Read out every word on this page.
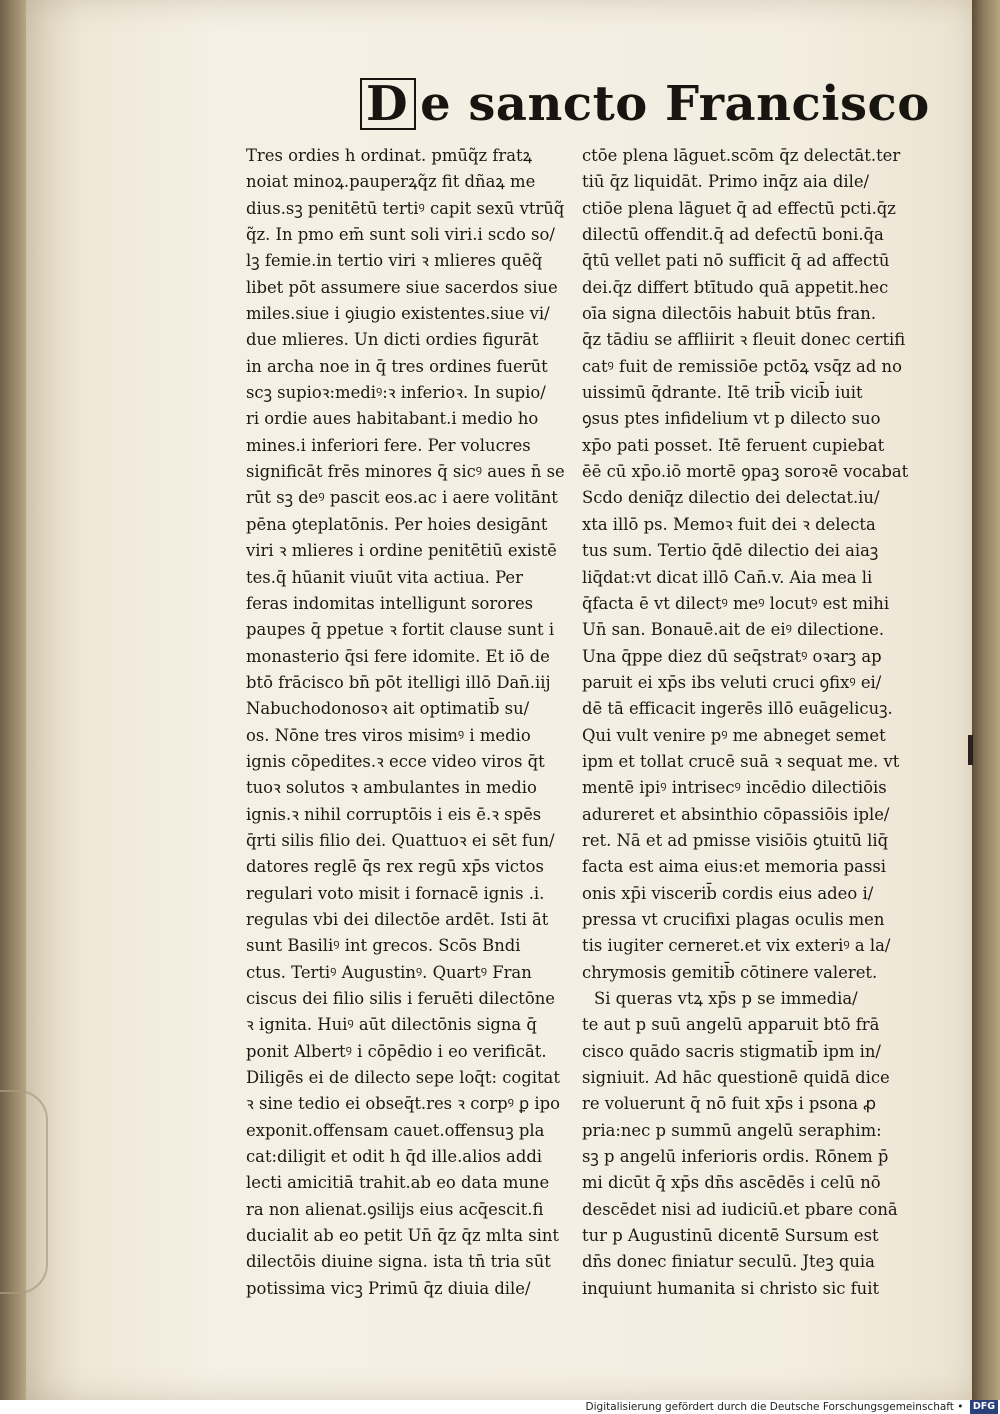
D e sancto Francisco
Tres ordies h ordinat. pmūq̃z fratꝝ
noiat minoꝝ.pauperꝝq̃z fit dñaꝝ me
dius.sꝫ penitētū tertiꝰ capit sexū vtrūq̃
q̃z. In pmo em̄ sunt soli viri.i scdo so/
lꝫ femie.in tertio viri ꝛ mlieres quēq̃
libet pōt assumere siue sacerdos siue
miles.siue i ꝯiugio existentes.siue vi/
due mlieres. Un dicti ordies figurāt
in archa noe in q̄ tres ordines fuerūt
scꝫ supioꝛ:mediꝰ:ꝛ inferioꝛ. In supio/
ri ordie aues habitabant.i medio ho
mines.i inferiori fere. Per volucres
significāt frēs minores q̄ sicꝰ aues n̄ se
rūt sꝫ deꝰ pascit eos.ac i aere volitānt
pēna ꝯteplatōnis. Per hoies desigānt
viri ꝛ mlieres i ordine penitētiū existē
tes.q̄ hūanit viuūt vita actiua. Per
feras indomitas intelligunt sorores
paupes q̄ ppetue ꝛ fortit clause sunt i
monasterio q̄si fere idomite. Et iō de
btō frācisco bn̄ pōt itelligi illō Dan̄.iij
Nabuchodonosoꝛ ait optimatib̄ su/
os. Nōne tres viros misimꝰ i medio
ignis cōpedites.ꝛ ecce video viros q̄t
tuoꝛ solutos ꝛ ambulantes in medio
ignis.ꝛ nihil corruptōis i eis ē.ꝛ spēs
q̄rti silis filio dei. Quattuoꝛ ei sēt fun/
datores reglē q̄s rex regū xp̄s victos
regulari voto misit i fornacē ignis .i.
regulas vbi dei dilectōe ardēt. Isti āt
sunt Basiliꝰ int grecos. Scōs Bndi
ctus. Tertiꝰ Augustinꝰ. Quartꝰ Fran
ciscus dei filio silis i feruēti dilectōne
ꝛ ignita. Huiꝰ aūt dilectōnis signa q̄
ponit Albertꝰ i cōpēdio i eo verificāt.
Diligēs ei de dilecto sepe loq̄t: cogitat
ꝛ sine tedio ei obseq̄t.res ꝛ corpꝰ ꝑ ipo
exponit.offensam cauet.offensuꝫ pla
cat:diligit et odit h q̄d ille.alios addi
lecti amicitiā trahit.ab eo data mune
ra non alienat.ꝯsilijs eius acq̄escit.fi
ducialit ab eo petit Un̄ q̄z q̄z mlta sint
dilectōis diuine signa. ista tn̄ tria sūt
potissima vicꝫ Primū q̄z diuia dile/
ctōe plena lāguet.scōm q̄z delectāt.ter
tiū q̄z liquidāt. Primo inq̄z aia dile/
ctiōe plena lāguet q̄ ad effectū pcti.q̄z
dilectū offendit.q̄ ad defectū boni.q̄a
q̄tū vellet pati nō sufficit q̄ ad affectū
dei.q̄z differt btītudo quā appetit.hec
oīa signa dilectōis habuit btūs fran.
q̄z tādiu se affliirit ꝛ fleuit donec certifi
catꝰ fuit de remissiōe pctōꝝ vsq̄z ad no
uissimū q̄drante. Itē trib̄ vicib̄ iuit
ꝯsus ptes infidelium vt p dilecto suo
xp̄o pati posset. Itē feruent cupiebat
ēē cū xp̄o.iō mortē ꝯpaꝫ soroꝛē vocabat
Scdo deniq̄z dilectio dei delectat.iu/
xta illō ps. Memoꝛ fuit dei ꝛ delecta
tus sum. Tertio q̄dē dilectio dei aiaꝫ
liq̄dat:vt dicat illō Can̄.v. Aia mea li
q̄facta ē vt dilectꝰ meꝰ locutꝰ est mihi
Un̄ san. Bonauē.ait de eiꝰ dilectione.
Una q̄ppe diez dū seq̄stratꝰ oꝛarꝫ ap
paruit ei xp̄s ibs veluti cruci ꝯfixꝰ ei/
dē tā efficacit ingerēs illō euāgelicuꝫ.
Qui vult venire pꝰ me abneget semet
ipm et tollat crucē suā ꝛ sequat me. vt
mentē ipiꝰ intrisecꝰ incēdio dilectiōis
adureret et absinthio cōpassiōis iple/
ret. Nā et ad pmisse visiōis ꝯtuitū liq̄
facta est aima eius:et memoria passi
onis xp̄i viscerib̄ cordis eius adeo i/
pressa vt crucifixi plagas oculis men
tis iugiter cerneret.et vix exteriꝰ a la/
chrymosis gemitib̄ cōtinere valeret.
Si queras vtꝝ xp̄s p se immedia/
te aut p suū angelū apparuit btō frā
cisco quādo sacris stigmatib̄ ipm in/
signiuit. Ad hāc questionē quidā dice
re voluerunt q̄ nō fuit xp̄s i psona ꝓ
pria:nec p summū angelū seraphim:
sꝫ p angelū inferioris ordis. Rōnem p̄
mi dicūt q̄ xp̄s dn̄s ascēdēs i celū nō
descēdet nisi ad iudiciū.et pbare conā
tur p Augustinū dicentē Sursum est
dn̄s donec finiatur seculū. Jteꝫ quia
inquiunt humanita si christo sic fuit
Digitalisierung gefördert durch die Deutsche Forschungsgemeinschaft • DFG
